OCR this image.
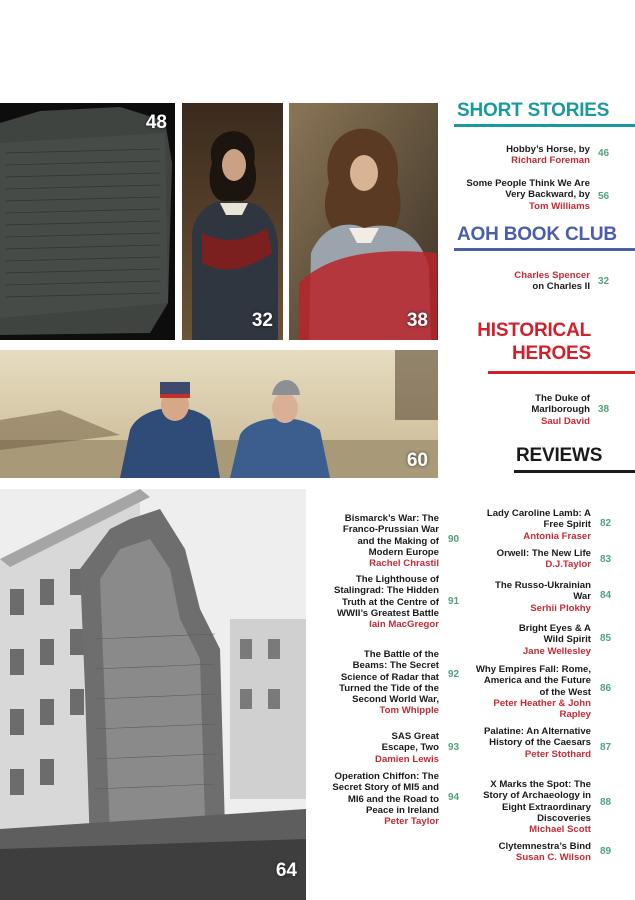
48
32	38
60
64
SHORT STORIES
Hobby’s Horse, by
Richard Foreman
46
Some People Think We Are Very Backward, by
Tom Williams
56
AOH BOOK CLUB
Charles Spencer
on Charles II 32
HISTORICAL
HEROES
The Duke of Marlborough
Saul David
38
REVIEWS
Bismarck’s War: The Franco-Prussian War and the Making of Modern Europe
Rachel Chrastil
90
The Lighthouse of Stalingrad: The Hidden Truth at the Centre of WWII’s Greatest Battle
Iain MacGregor
91
The Battle of the Beams: The Secret Science of Radar that Turned the Tide of the Second World War,
Tom Whipple
92
SAS Great Escape, Two
Damien Lewis
93
Operation Chiffon: The Secret Story of MI5 and MI6 and the Road to Peace in Ireland
Peter Taylor
94
Lady Caroline Lamb: A Free Spirit
Antonia Fraser
82
Orwell: The New Life
D.J.Taylor 83
The Russo-Ukrainian War
Serhii Plokhy
84
Bright Eyes & A Wild Spirit
Jane Wellesley
85
Why Empires Fall: Rome, America and the Future of the West
Peter Heather & John Rapley
86
Palatine: An Alternative History of the Caesars
Peter Stothard
87
X Marks the Spot: The Story of Archaeology in Eight Extraordinary Discoveries
Michael Scott
88
Clytemnestra’s Bind
Susan C. Wilson
89
